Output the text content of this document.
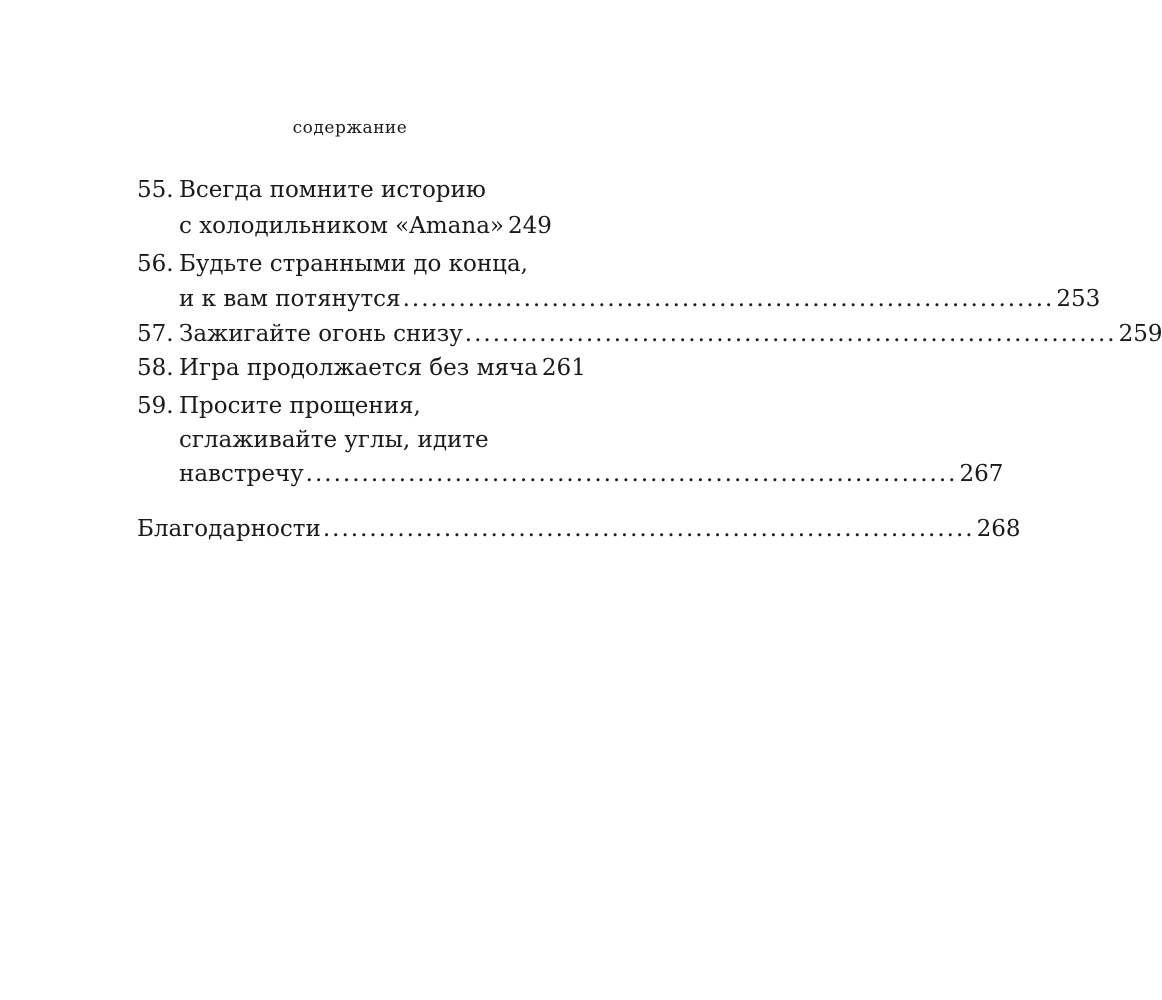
содержание
55. Всегда помните историю
с холодильником «Amana» 249
56. Будьте странными до конца,
и к вам потянутся ...................................................................... 253
57. Зажигайте огонь снизу ...................................................................... 259
58. Игра продолжается без мяча 261
59. Просите прощения,
сглаживайте углы, идите
навстречу ...................................................................... 267
Благодарности ...................................................................... 268
